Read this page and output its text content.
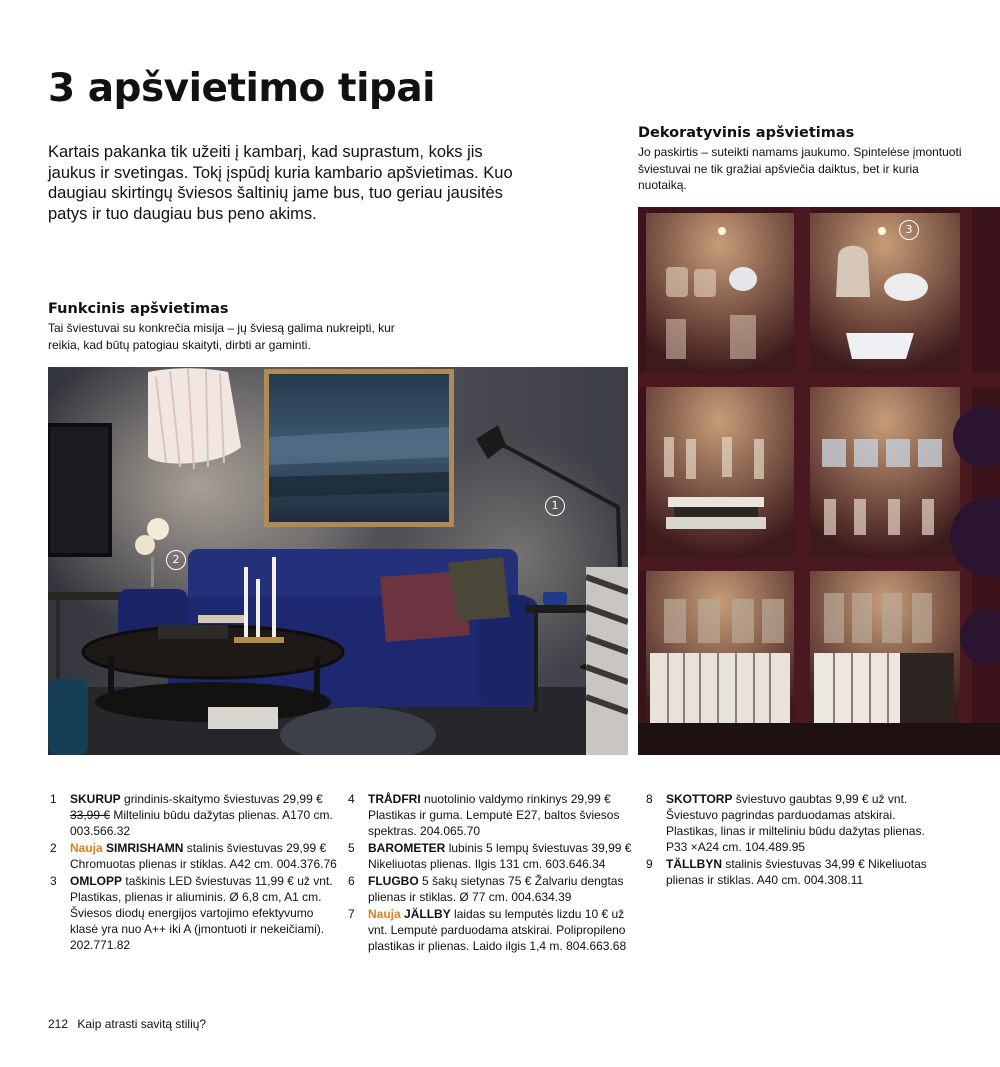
3 apšvietimo tipai

Kartais pakanka tik užeiti į kambarį, kad suprastum, koks jis jaukus ir svetingas. Tokį įspūdį kuria kambario apšvietimas. Kuo daugiau skirtingų šviesos šaltinių jame bus, tuo geriau jausitės patys ir tuo daugiau bus peno akims.

Funkcinis apšvietimas

Tai šviestuvai su konkrečia misija – jų šviesą galima nukreipti, kur reikia, kad būtų patogiau skaityti, dirbti ar gaminti.

Dekoratyvinis apšvietimas

Jo paskirtis – suteikti namams jaukumo. Spintelėse įmontuoti šviestuvai ne tik gražiai apšviečia daiktus, bet ir kuria nuotaiką.

1
2
3
1	SKURUP grindinis-skaitymo šviestuvas 29,99 €
33,99 € Milteliniu būdu dažytas plienas. A170 cm. 003.566.32
2	Nauja SIMRISHAMN stalinis šviestuvas 29,99 € Chromuotas plienas ir stiklas. A42 cm. 004.376.76
3	OMLOPP taškinis LED šviestuvas 11,99 € už vnt. Plastikas, plienas ir aliuminis. Ø 6,8 cm, A1 cm. Šviesos diodų energijos vartojimo efektyvumo klasė yra nuo A++ iki A (įmontuoti ir nekeičiami). 202.771.82
4	TRÅDFRI nuotolinio valdymo rinkinys 29,99 € Plastikas ir guma. Lemputė E27, baltos šviesos spektras. 204.065.70
5	BAROMETER lubinis 5 lempų šviestuvas 39,99 € Nikeliuotas plienas. Ilgis 131 cm. 603.646.34
6	FLUGBO 5 šakų sietynas 75 € Žalvariu dengtas plienas ir stiklas. Ø 77 cm. 004.634.39
7	Nauja JÄLLBY laidas su lemputės lizdu 10 € už vnt. Lemputė parduodama atskirai. Polipropileno plastikas ir plienas. Laido ilgis 1,4 m. 804.663.68
8	SKOTTORP šviestuvo gaubtas 9,99 € už vnt. Šviestuvo pagrindas parduodamas atskirai. Plastikas, linas ir milteliniu būdu dažytas plienas. P33 ×A24 cm. 104.489.95
9	TÄLLBYN stalinis šviestuvas 34,99 € Nikeliuotas plienas ir stiklas. A40 cm. 004.308.11
212 Kaip atrasti savitą stilių?
